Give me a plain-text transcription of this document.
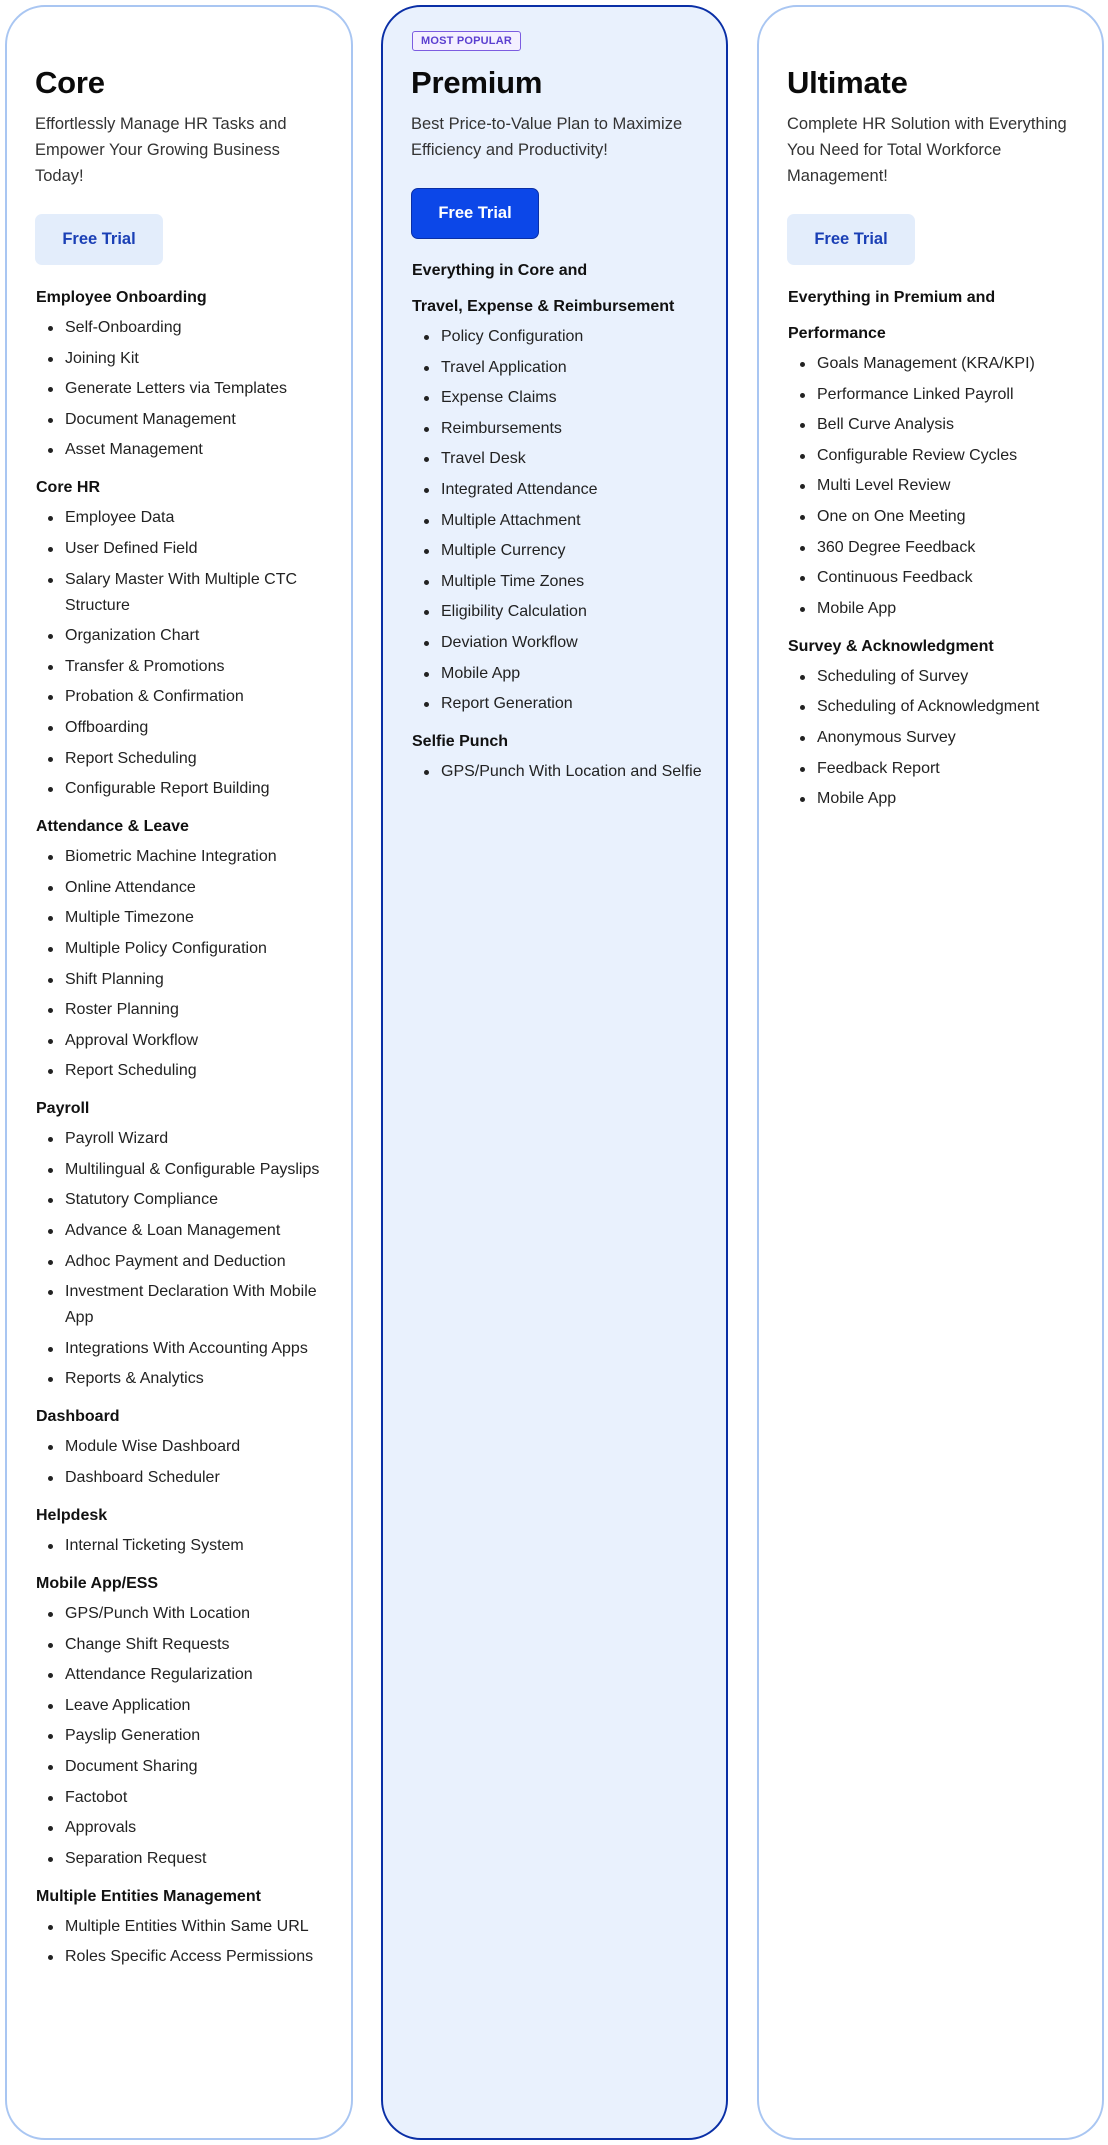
Core
Effortlessly Manage HR Tasks and Empower Your Growing Business Today!
Free Trial
Employee Onboarding
Self-Onboarding
Joining Kit
Generate Letters via Templates
Document Management
Asset Management
Core HR
Employee Data
User Defined Field
Salary Master With Multiple CTC Structure
Organization Chart
Transfer & Promotions
Probation & Confirmation
Offboarding
Report Scheduling
Configurable Report Building
Attendance & Leave
Biometric Machine Integration
Online Attendance
Multiple Timezone
Multiple Policy Configuration
Shift Planning
Roster Planning
Approval Workflow
Report Scheduling
Payroll
Payroll Wizard
Multilingual & Configurable Payslips
Statutory Compliance
Advance & Loan Management
Adhoc Payment and Deduction
Investment Declaration With Mobile App
Integrations With Accounting Apps
Reports & Analytics
Dashboard
Module Wise Dashboard
Dashboard Scheduler
Helpdesk
Internal Ticketing System
Mobile App/ESS
GPS/Punch With Location
Change Shift Requests
Attendance Regularization
Leave Application
Payslip Generation
Document Sharing
Factobot
Approvals
Separation Request
Multiple Entities Management
Multiple Entities Within Same URL
Roles Specific Access Permissions
MOST POPULAR
Premium
Best Price-to-Value Plan to Maximize Efficiency and Productivity!
Free Trial
Everything in Core and
Travel, Expense & Reimbursement
Policy Configuration
Travel Application
Expense Claims
Reimbursements
Travel Desk
Integrated Attendance
Multiple Attachment
Multiple Currency
Multiple Time Zones
Eligibility Calculation
Deviation Workflow
Mobile App
Report Generation
Selfie Punch
GPS/Punch With Location and Selfie
Ultimate
Complete HR Solution with Everything You Need for Total Workforce Management!
Free Trial
Everything in Premium and
Performance
Goals Management (KRA/KPI)
Performance Linked Payroll
Bell Curve Analysis
Configurable Review Cycles
Multi Level Review
One on One Meeting
360 Degree Feedback
Continuous Feedback
Mobile App
Survey & Acknowledgment
Scheduling of Survey
Scheduling of Acknowledgment
Anonymous Survey
Feedback Report
Mobile App
